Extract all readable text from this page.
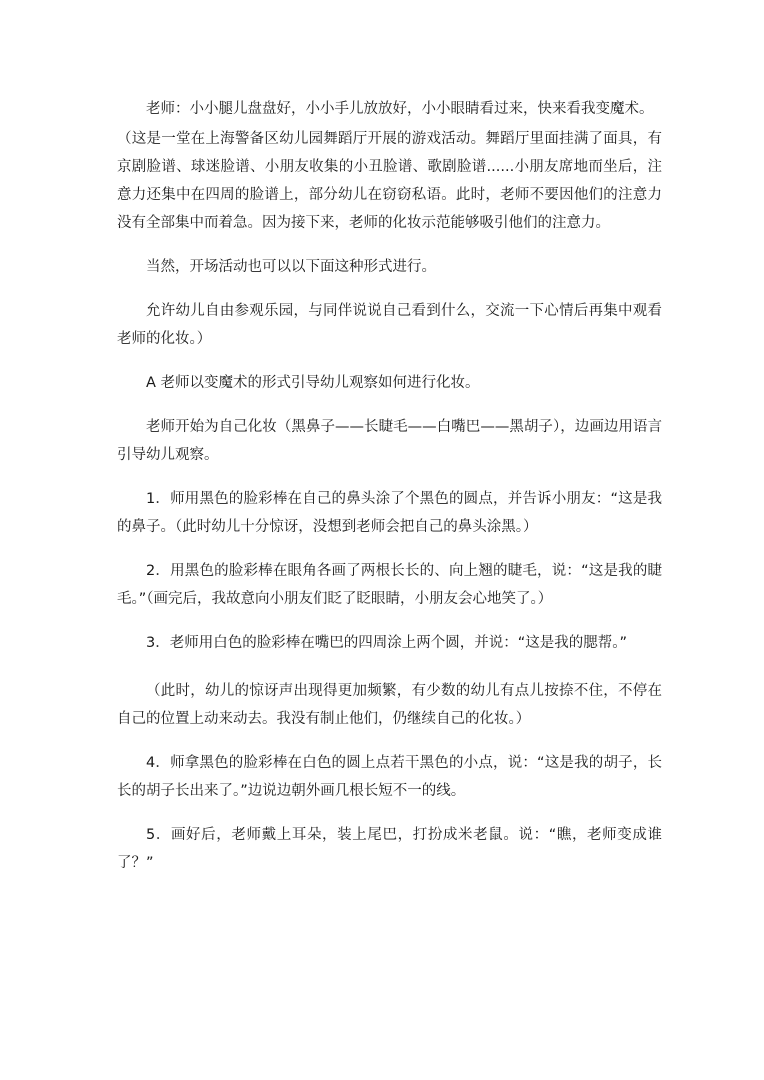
老师：小小腿儿盘盘好，小小手儿放放好，小小眼睛看过来，快来看我变魔术。

（这是一堂在上海警备区幼儿园舞蹈厅开展的游戏活动。舞蹈厅里面挂满了面具，有京剧脸谱、球迷脸谱、小朋友收集的小丑脸谱、歌剧脸谱......小朋友席地而坐后，注意力还集中在四周的脸谱上，部分幼儿在窃窃私语。此时，老师不要因他们的注意力没有全部集中而着急。因为接下来，老师的化妆示范能够吸引他们的注意力。

当然，开场活动也可以以下面这种形式进行。

允许幼儿自由参观乐园，与同伴说说自己看到什么，交流一下心情后再集中观看老师的化妆。）

A 老师以变魔术的形式引导幼儿观察如何进行化妆。

老师开始为自己化妆（黑鼻子——长睫毛——白嘴巴——黑胡子），边画边用语言引导幼儿观察。

1．师用黑色的脸彩棒在自己的鼻头涂了个黑色的圆点，并告诉小朋友：“这是我的鼻子。（此时幼儿十分惊讶，没想到老师会把自己的鼻头涂黑。）

2．用黑色的脸彩棒在眼角各画了两根长长的、向上翘的睫毛，说：“这是我的睫毛。”（画完后，我故意向小朋友们眨了眨眼睛，小朋友会心地笑了。）

3．老师用白色的脸彩棒在嘴巴的四周涂上两个圆，并说：“这是我的腮帮。”

（此时，幼儿的惊讶声出现得更加频繁，有少数的幼儿有点儿按捺不住，不停在自己的位置上动来动去。我没有制止他们，仍继续自己的化妆。）

4．师拿黑色的脸彩棒在白色的圆上点若干黑色的小点，说：“这是我的胡子，长长的胡子长出来了。”边说边朝外画几根长短不一的线。

5．画好后，老师戴上耳朵，装上尾巴，打扮成米老鼠。说：“瞧，老师变成谁了？”
